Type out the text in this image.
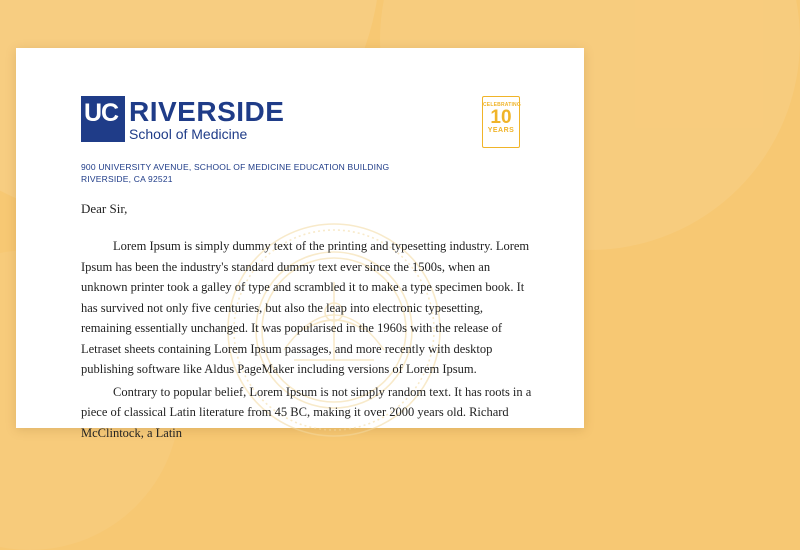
UC RIVERSIDE
School of Medicine
CELEBRATING
10
YEARS
900 UNIVERSITY AVENUE, SCHOOL OF MEDICINE EDUCATION BUILDING
RIVERSIDE, CA 92521
Dear Sir,

Lorem Ipsum is simply dummy text of the printing and typesetting industry. Lorem Ipsum has been the industry's standard dummy text ever since the 1500s, when an unknown printer took a galley of type and scrambled it to make a type specimen book. It has survived not only five centuries, but also the leap into electronic typesetting, remaining essentially unchanged. It was popularised in the 1960s with the release of Letraset sheets containing Lorem Ipsum passages, and more recently with desktop publishing software like Aldus PageMaker including versions of Lorem Ipsum.

Contrary to popular belief, Lorem Ipsum is not simply random text. It has roots in a piece of classical Latin literature from 45 BC, making it over 2000 years old. Richard McClintock, a Latin
